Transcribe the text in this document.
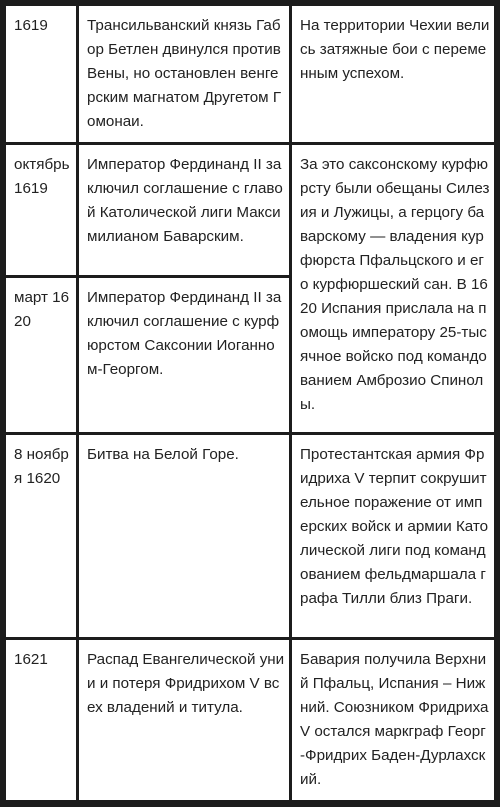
1619	Трансильванский князь Габор Бетлен двинулся против Вены, но остановлен венгерским магнатом Другетом Гомонаи.	На территории Чехии велись затяжные бои с переменным успехом.
октябрь 1619	Император Фердинанд II заключил соглашение с главой Католической лиги Максимилианом Баварским.	За это саксонскому курфюрсту были обещаны Силезия и Лужицы, а герцогу баварскому — владения курфюрста Пфальцского и его курфюршеский сан. В 1620 Испания прислала на помощь императору 25-тысячное войско под командованием Амброзио Спинолы.
март 1620	Император Фердинанд II заключил соглашение с курфюрстом Саксонии Иоганном-Георгом.	
8 ноября 1620	Битва на Белой Горе.	Протестантская армия Фридриха V терпит сокрушительное поражение от имперских войск и армии Католической лиги под командованием фельдмаршала графа Тилли близ Праги.
1621	Распад Евангелической унии и потеря Фридрихом V всех владений и титула.	Бавария получила Верхний Пфальц, Испания – Нижний. Союзником Фридриха V остался маркграф Георг-Фридрих Баден-Дурлахский.
